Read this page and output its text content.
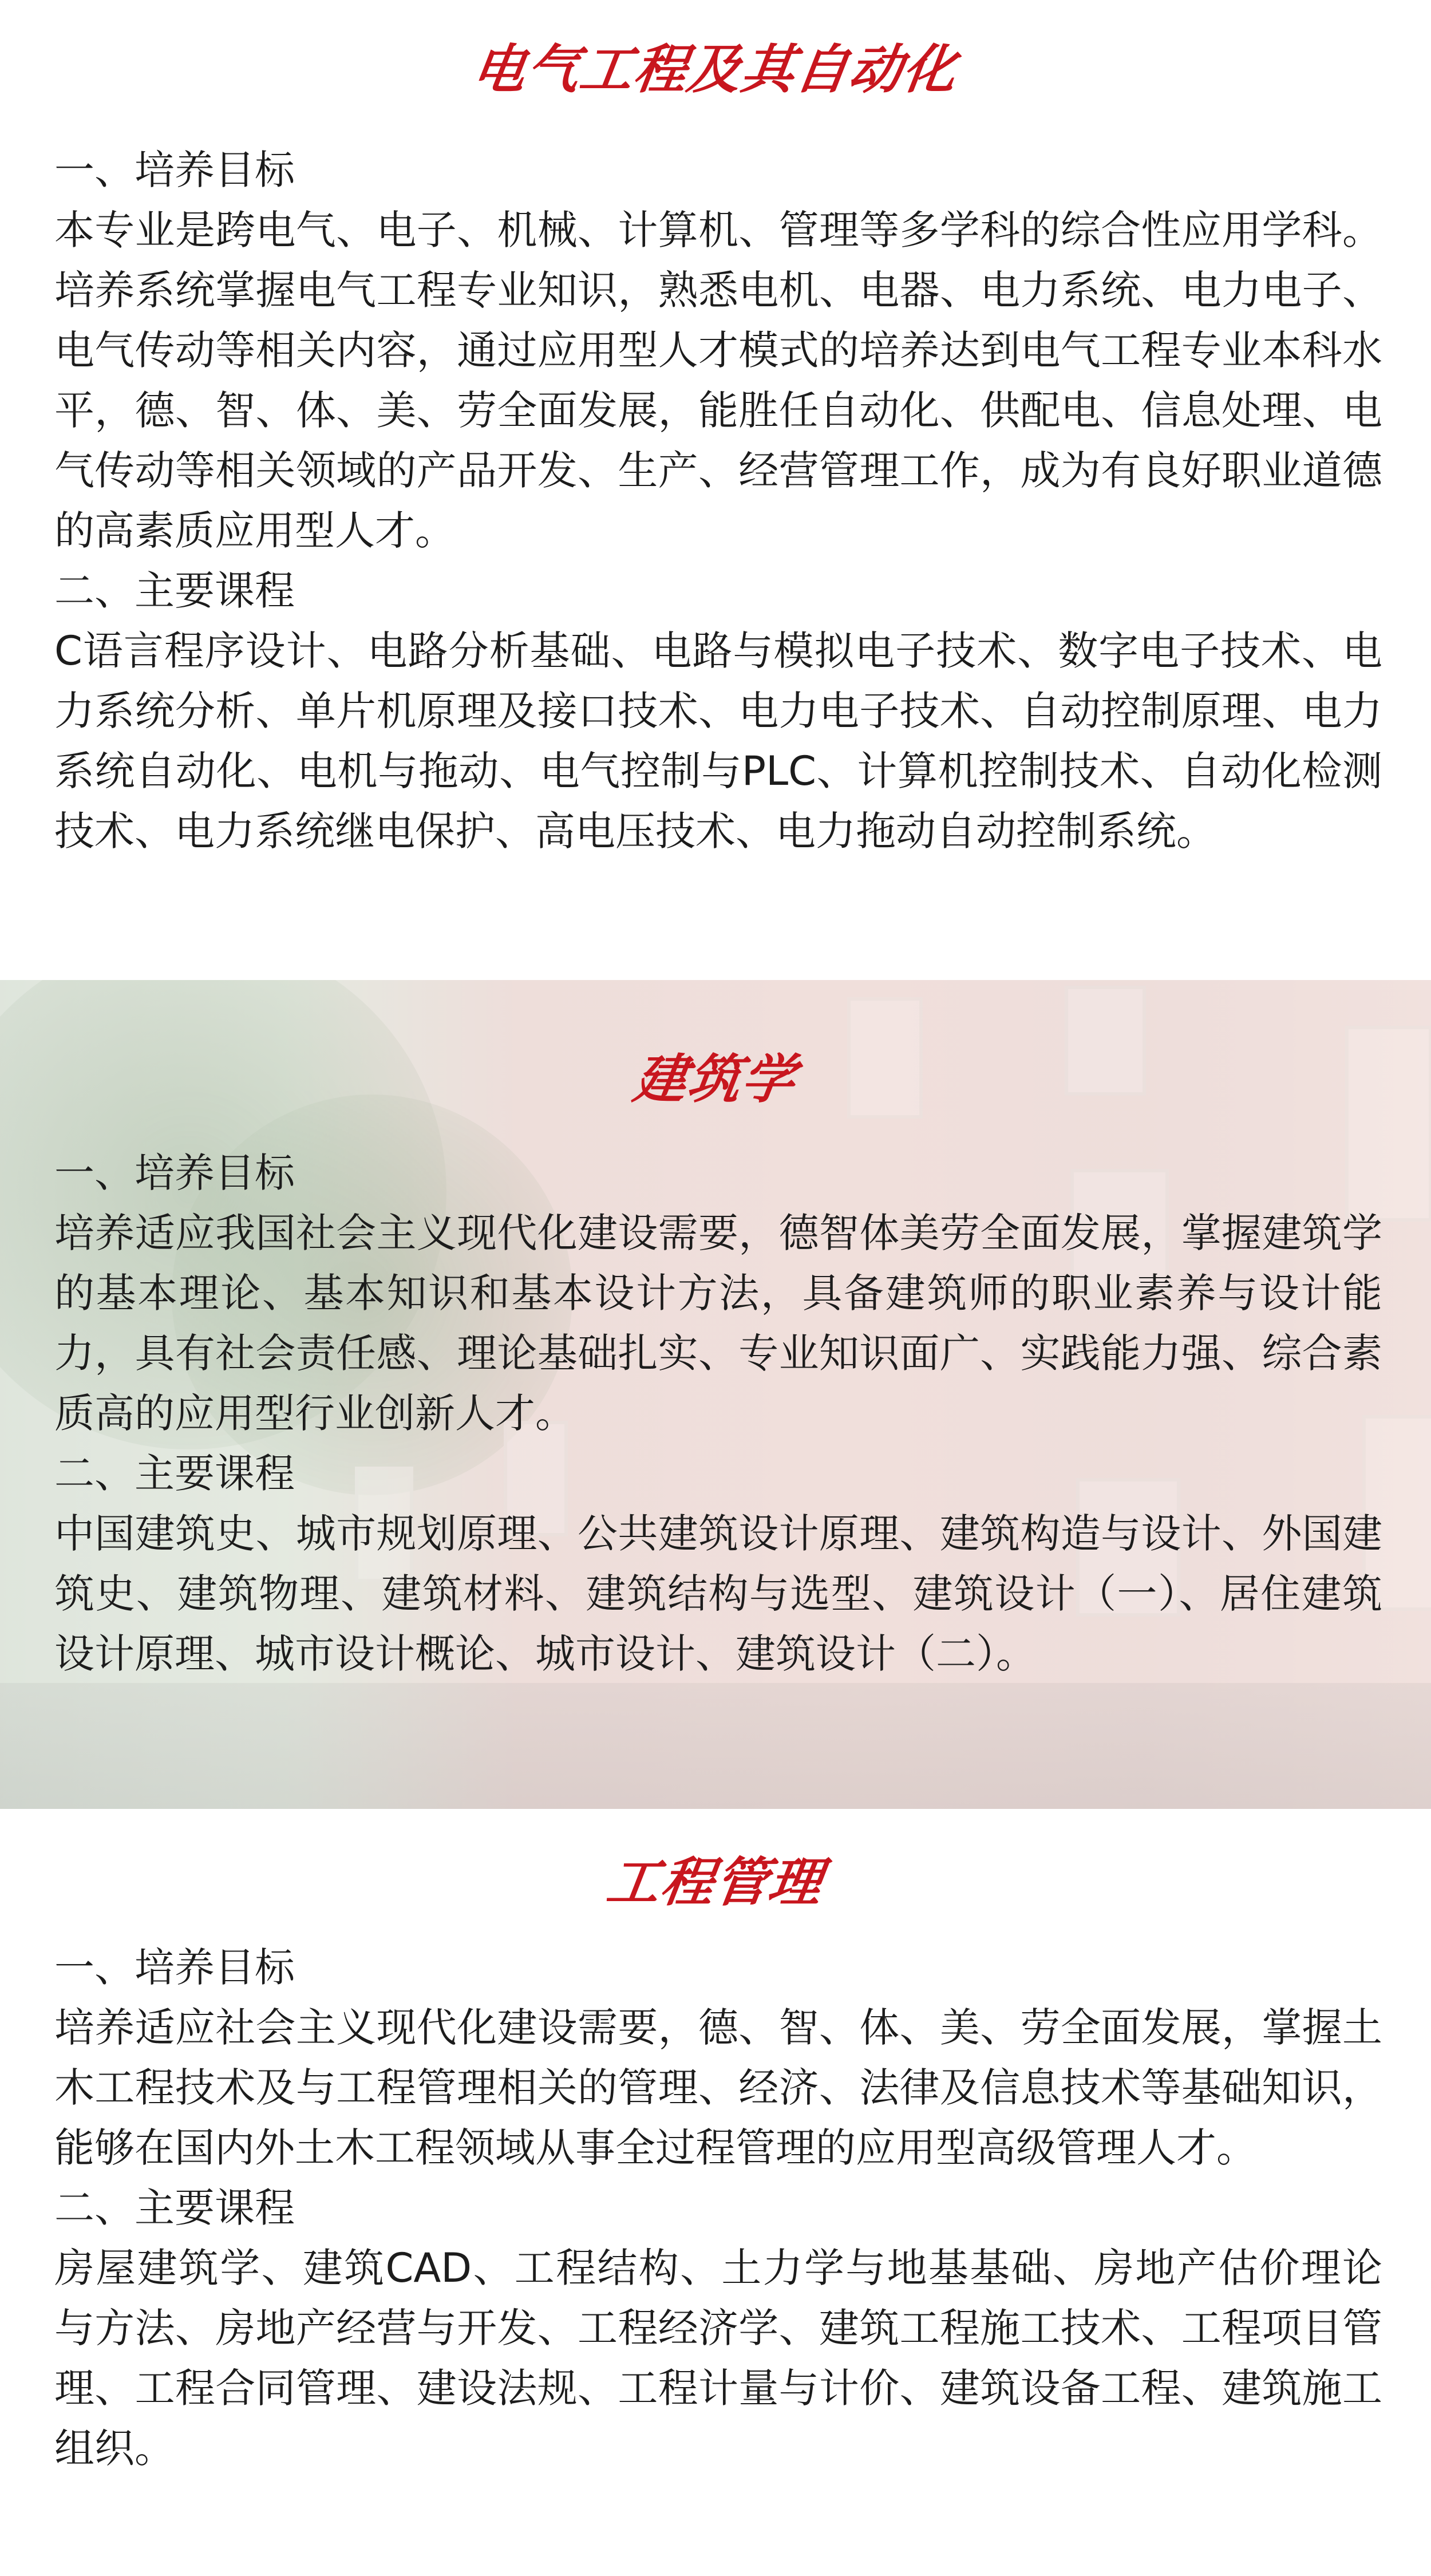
电气工程及其自动化
一、培养目标
本专业是跨电气、电子、机械、计算机、管理等多学科的综合性应用学科。培养系统掌握电气工程专业知识，熟悉电机、电器、电力系统、电力电子、电气传动等相关内容，通过应用型人才模式的培养达到电气工程专业本科水平，德、智、体、美、劳全面发展，能胜任自动化、供配电、信息处理、电气传动等相关领域的产品开发、生产、经营管理工作，成为有良好职业道德的高素质应用型人才。
二、主要课程
C语言程序设计、电路分析基础、电路与模拟电子技术、数字电子技术、电力系统分析、单片机原理及接口技术、电力电子技术、自动控制原理、电力系统自动化、电机与拖动、电气控制与PLC、计算机控制技术、自动化检测技术、电力系统继电保护、高电压技术、电力拖动自动控制系统。
建筑学
一、培养目标
培养适应我国社会主义现代化建设需要，德智体美劳全面发展，掌握建筑学的基本理论、基本知识和基本设计方法，具备建筑师的职业素养与设计能力，具有社会责任感、理论基础扎实、专业知识面广、实践能力强、综合素质高的应用型行业创新人才。
二、主要课程
中国建筑史、城市规划原理、公共建筑设计原理、建筑构造与设计、外国建筑史、建筑物理、建筑材料、建筑结构与选型、建筑设计（一）、居住建筑设计原理、城市设计概论、城市设计、建筑设计（二）。
工程管理
一、培养目标
培养适应社会主义现代化建设需要，德、智、体、美、劳全面发展，掌握土木工程技术及与工程管理相关的管理、经济、法律及信息技术等基础知识，能够在国内外土木工程领域从事全过程管理的应用型高级管理人才。
二、主要课程
房屋建筑学、建筑CAD、工程结构、土力学与地基基础、房地产估价理论与方法、房地产经营与开发、工程经济学、建筑工程施工技术、工程项目管理、工程合同管理、建设法规、工程计量与计价、建筑设备工程、建筑施工组织。
